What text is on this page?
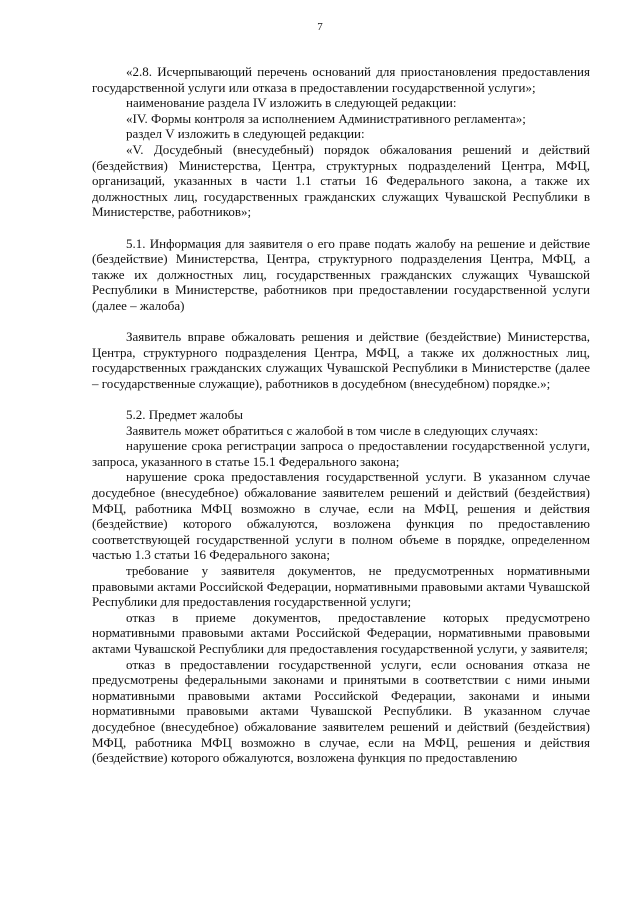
7

«2.8. Исчерпывающий перечень оснований для приостановления предоставления государственной услуги или отказа в предоставлении государственной услуги»;

наименование раздела IV изложить в следующей редакции:

«IV. Формы контроля за исполнением Административного регламента»;

раздел V изложить в следующей редакции:

«V. Досудебный (внесудебный) порядок обжалования решений и действий (бездействия) Министерства, Центра, структурных подразделений Центра, МФЦ, организаций, указанных в части 1.1 статьи 16 Федерального закона, а также их должностных лиц, государственных гражданских служащих Чувашской Республики в Министерстве, работников»;

5.1. Информация для заявителя о его праве подать жалобу на решение и действие (бездействие) Министерства, Центра, структурного подразделения Центра, МФЦ, а также их должностных лиц, государственных гражданских служащих Чувашской Республики в Министерстве, работников при предоставлении государственной услуги (далее – жалоба)

Заявитель вправе обжаловать решения и действие (бездействие) Министерства, Центра, структурного подразделения Центра, МФЦ, а также их должностных лиц, государственных гражданских служащих Чувашской Республики в Министерстве (далее – государственные служащие), работников в досудебном (внесудебном) порядке.»;

5.2. Предмет жалобы

Заявитель может обратиться с жалобой в том числе в следующих случаях:

нарушение срока регистрации запроса о предоставлении государственной услуги, запроса, указанного в статье 15.1 Федерального закона;

нарушение срока предоставления государственной услуги. В указанном случае досудебное (внесудебное) обжалование заявителем решений и действий (бездействия) МФЦ, работника МФЦ возможно в случае, если на МФЦ, решения и действия (бездействие) которого обжалуются, возложена функция по предоставлению соответствующей государственной услуги в полном объеме в порядке, определенном частью 1.3 статьи 16 Федерального закона;

требование у заявителя документов, не предусмотренных нормативными правовыми актами Российской Федерации, нормативными правовыми актами Чувашской Республики для предоставления государственной услуги;

отказ в приеме документов, предоставление которых предусмотрено нормативными правовыми актами Российской Федерации, нормативными правовыми актами Чувашской Республики для предоставления государственной услуги, у заявителя;

отказ в предоставлении государственной услуги, если основания отказа не предусмотрены федеральными законами и принятыми в соответствии с ними иными нормативными правовыми актами Российской Федерации, законами и иными нормативными правовыми актами Чувашской Республики. В указанном случае досудебное (внесудебное) обжалование заявителем решений и действий (бездействия) МФЦ, работника МФЦ возможно в случае, если на МФЦ, решения и действия (бездействие) которого обжалуются, возложена функция по предоставлению
